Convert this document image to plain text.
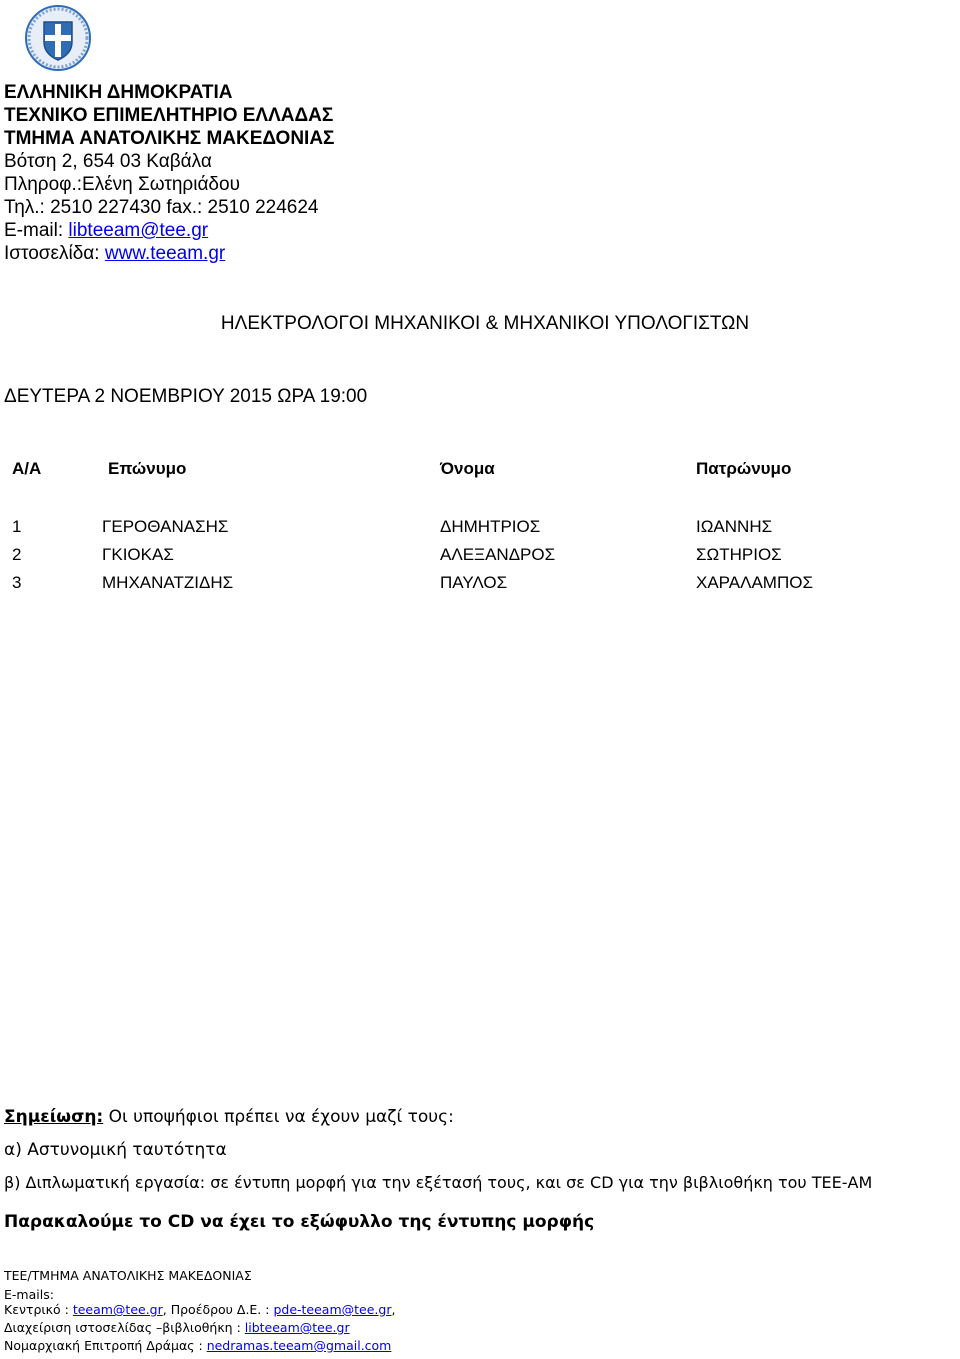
ΕΛΛΗΝΙΚΗ ΔΗΜΟΚΡΑΤΙΑ
ΤΕΧΝΙΚΟ ΕΠΙΜΕΛΗΤΗΡΙΟ ΕΛΛΑΔΑΣ
ΤΜΗΜΑ ΑΝΑΤΟΛΙΚΗΣ ΜΑΚΕΔΟΝΙΑΣ
Βότση 2, 654 03 Καβάλα
Πληροφ.:Ελένη Σωτηριάδου
Τηλ.: 2510 227430 fax.: 2510 224624
E-mail: libteeam@tee.gr
Ιστοσελίδα: www.teeam.gr
ΗΛΕΚΤΡΟΛΟΓΟΙ ΜΗΧΑΝΙΚΟΙ & ΜΗΧΑΝΙΚΟΙ ΥΠΟΛΟΓΙΣΤΩΝ
ΔΕΥΤΕΡΑ 2 ΝΟΕΜΒΡΙΟΥ 2015 ΩΡΑ 19:00
Α/Α	Επώνυμο	Όνομα	Πατρώνυμο
1	ΓΕΡΟΘΑΝΑΣΗΣ	ΔΗΜΗΤΡΙΟΣ	ΙΩΑΝΝΗΣ
2	ΓΚΙΟΚΑΣ	ΑΛΕΞΑΝΔΡΟΣ	ΣΩΤΗΡΙΟΣ
3	ΜΗΧΑΝΑΤΖΙΔΗΣ	ΠΑΥΛΟΣ	ΧΑΡΑΛΑΜΠΟΣ
Σημείωση: Οι υποψήφιοι πρέπει να έχουν μαζί τους:
α) Αστυνομική ταυτότητα
β) Διπλωματική εργασία: σε έντυπη μορφή για την εξέτασή τους, και σε CD για την βιβλιοθήκη του ΤΕΕ-ΑΜ
Παρακαλούμε το CD να έχει το εξώφυλλο της έντυπης μορφής
ΤΕΕ/ΤΜΗΜΑ ΑΝΑΤΟΛΙΚΗΣ ΜΑΚΕΔΟΝΙΑΣ
E-mails:
Κεντρικό : teeam@tee.gr, Προέδρου Δ.Ε. : pde-teeam@tee.gr,
Διαχείριση ιστοσελίδας –βιβλιοθήκη : libteeam@tee.gr
Νομαρχιακή Επιτροπή Δράμας : nedramas.teeam@gmail.com
